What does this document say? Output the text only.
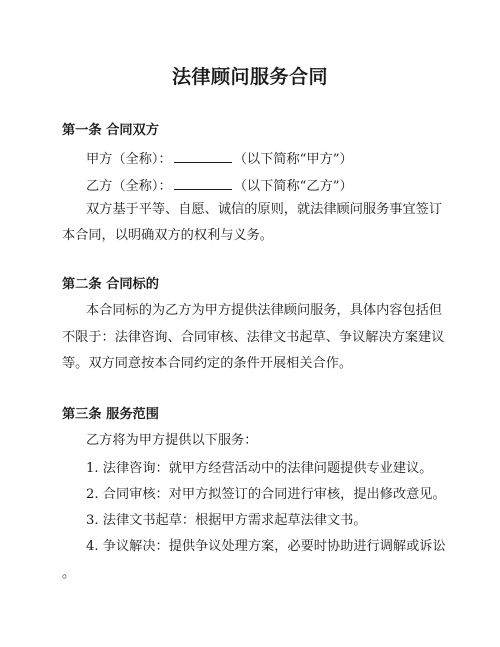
法律顾问服务合同
第一条 合同双方
甲方（全称）：	（以下简称“甲方”）
乙方（全称）：	（以下简称“乙方”）
双方基于平等、自愿、诚信的原则，就法律顾问服务事宜签订
本合同，以明确双方的权利与义务。
第二条 合同标的
本合同标的为乙方为甲方提供法律顾问服务，具体内容包括但
不限于：法律咨询、合同审核、法律文书起草、争议解决方案建议
等。双方同意按本合同约定的条件开展相关合作。
第三条 服务范围
乙方将为甲方提供以下服务：
1. 法律咨询：就甲方经营活动中的法律问题提供专业建议。
2. 合同审核：对甲方拟签订的合同进行审核，提出修改意见。
3. 法律文书起草：根据甲方需求起草法律文书。
4. 争议解决：提供争议处理方案，必要时协助进行调解或诉讼
。
